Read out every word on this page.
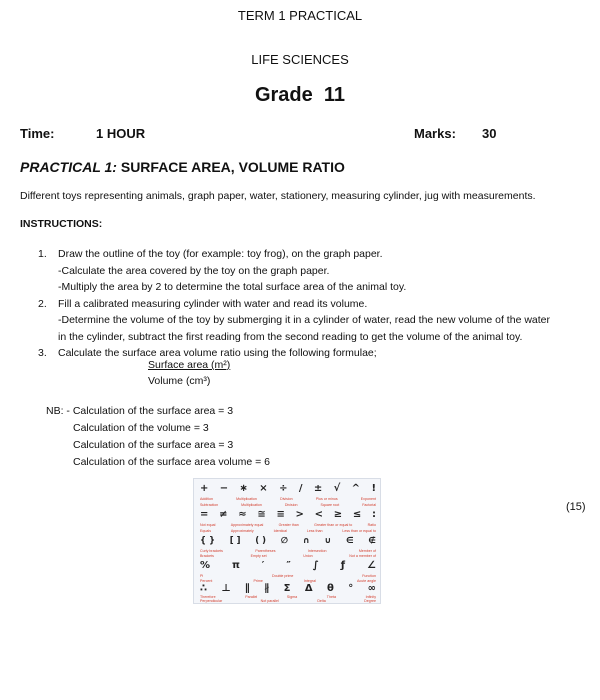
TERM 1 PRACTICAL
LIFE SCIENCES
Grade  11
Time:	1 HOUR	Marks: 30
PRACTICAL 1: SURFACE AREA, VOLUME RATIO
Different toys representing animals, graph paper, water, stationery, measuring cylinder, jug with measurements.
INSTRUCTIONS:
1. Draw the outline of the toy (for example: toy frog), on the graph paper.
-Calculate the area covered by the toy on the graph paper.
-Multiply the area by 2 to determine the total surface area of the animal toy.
2. Fill a calibrated measuring cylinder with water and read its volume.
-Determine the volume of the toy by submerging it in a cylinder of water, read the new volume of the water
in the cylinder, subtract the first reading from the second reading to get the volume of the animal toy.
3. Calculate the surface area volume ratio using the following formulae;
Surface area (m²)
Volume (cm³)
NB: - Calculation of the surface area = 3
Calculation of the volume = 3
Calculation of the surface area = 3
Calculation of the surface area volume = 6
(15)
+ − ∗ × ÷ / ± √ ^ !
Addition	Multiplication	Division	Plus or minus	Exponent
Subtraction	Multiplication	Division	Square root	Factorial
= ≠ ≈ ≅ ≡ > < ≥ ≤ :
Not equal	Approximately equal	Greater than	Greater than or equal to	Ratio
Equals	Approximately	Identical	Less than	Less than or equal to
{ } [ ] ( ) ∅ ∩ ∪ ∈ ∉
Curly brackets	Parentheses	Intersection	Member of
Brackets	Empty set	Union	Not a member of
% π ′ ″ ∫ ƒ ∠
Pi	Double prime	Function
Percent	Prime	Integral	Acute angle
∴ ⊥ ∥ ∦ Σ Δ θ ° ∞
Therefore	Parallel	Sigma	Theta	Infinity
Perpendicular	Not parallel	Delta	Degree
